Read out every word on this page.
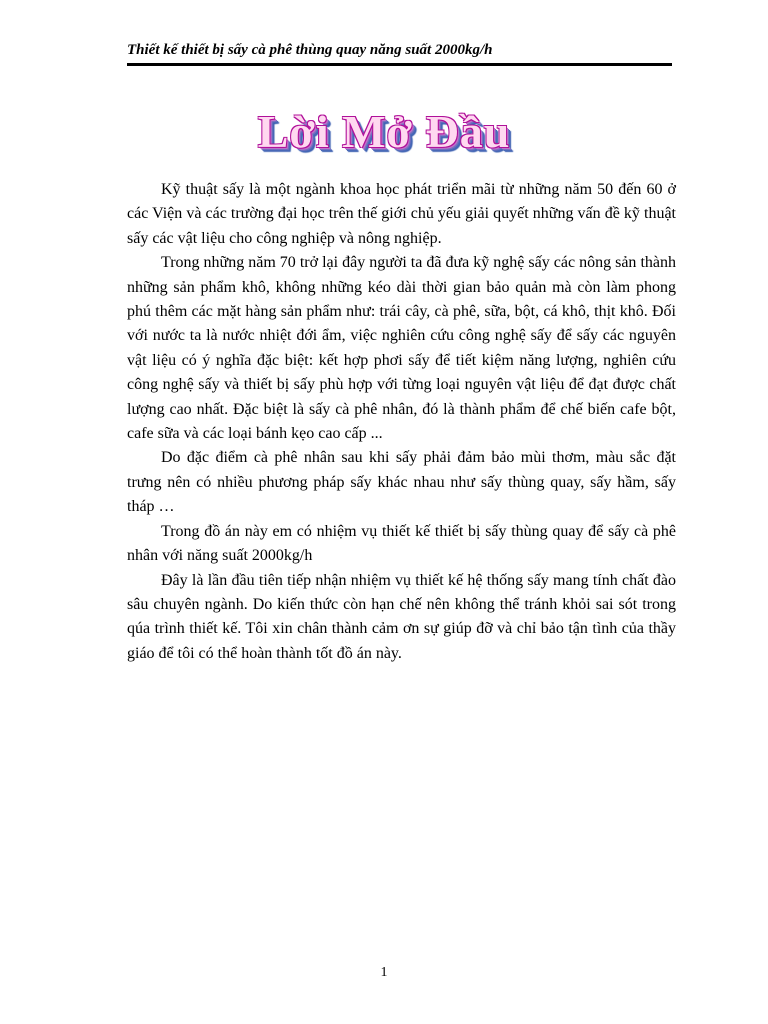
Thiết kế thiết bị sấy cà phê thùng quay năng suất 2000kg/h
Lời Mở Đầu

Kỹ thuật sấy là một ngành khoa học phát triển mãi từ những năm 50 đến 60 ở các Viện và các trường đại học trên thế giới chủ yếu giải quyết những vấn đề kỹ thuật sấy các vật liệu cho công nghiệp và nông nghiệp.

Trong những năm 70 trở lại đây người ta đã đưa kỹ nghệ sấy các nông sản thành những sản phẩm khô, không những kéo dài thời gian bảo quản mà còn làm phong phú thêm các mặt hàng sản phẩm như: trái cây, cà phê, sữa, bột, cá khô, thịt khô. Đối với nước ta là nước nhiệt đới ẩm, việc nghiên cứu công nghệ sấy để sấy các nguyên vật liệu có ý nghĩa đặc biệt: kết hợp phơi sấy để tiết kiệm năng lượng, nghiên cứu công nghệ sấy và thiết bị sấy phù hợp với từng loại nguyên vật liệu để đạt được chất lượng cao nhất. Đặc biệt là sấy cà phê nhân, đó là thành phẩm để chế biến cafe bột, cafe sữa và các loại bánh kẹo cao cấp ...

Do đặc điểm cà phê nhân sau khi sấy phải đảm bảo mùi thơm, màu sắc đặt trưng nên có nhiều phương pháp sấy khác nhau như sấy thùng quay, sấy hầm, sấy tháp …

Trong đồ án này em có nhiệm vụ thiết kế thiết bị sấy thùng quay để sấy cà phê nhân với năng suất 2000kg/h

Đây là lần đầu tiên tiếp nhận nhiệm vụ thiết kế hệ thống sấy mang tính chất đào sâu chuyên ngành. Do kiến thức còn hạn chế nên không thể tránh khỏi sai sót trong qúa trình thiết kế. Tôi xin chân thành cảm ơn sự giúp đỡ và chỉ bảo tận tình của thầy giáo để tôi có thể hoàn thành tốt đồ án này.

1
